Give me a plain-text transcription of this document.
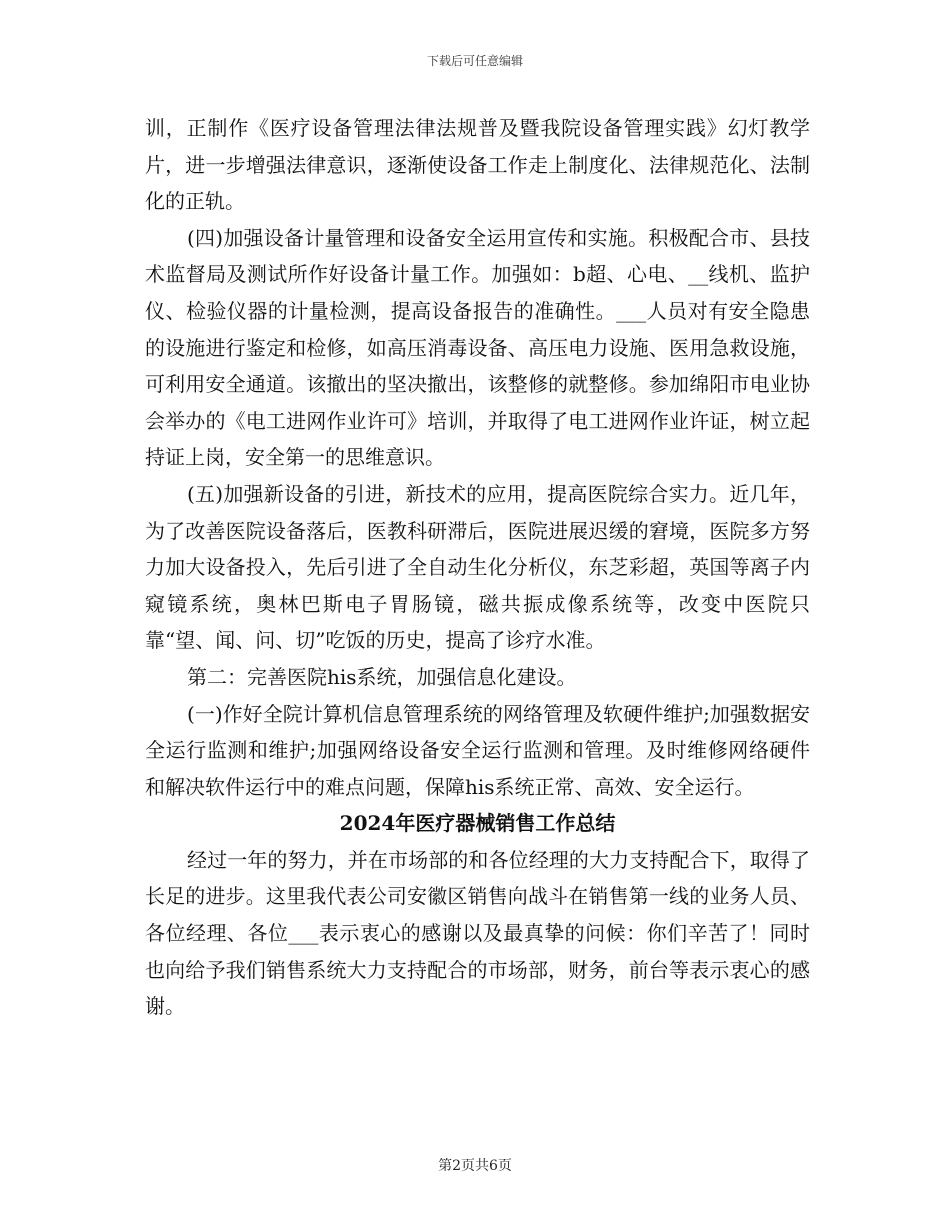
下载后可任意编辑

训，正制作《医疗设备管理法律法规普及暨我院设备管理实践》幻灯教学片，进一步增强法律意识，逐渐使设备工作走上制度化、法律规范化、法制化的正轨。

(四)加强设备计量管理和设备安全运用宣传和实施。积极配合市、县技术监督局及测试所作好设备计量工作。加强如：b超、心电、__线机、监护仪、检验仪器的计量检测，提高设备报告的准确性。___人员对有安全隐患的设施进行鉴定和检修，如高压消毒设备、高压电力设施、医用急救设施，可利用安全通道。该撤出的坚决撤出，该整修的就整修。参加绵阳市电业协会举办的《电工进网作业许可》培训，并取得了电工进网作业许证，树立起持证上岗，安全第一的思维意识。

(五)加强新设备的引进，新技术的应用，提高医院综合实力。近几年，为了改善医院设备落后，医教科研滞后，医院进展迟缓的窘境，医院多方努力加大设备投入，先后引进了全自动生化分析仪，东芝彩超，英国等离子内窥镜系统，奥林巴斯电子胃肠镜，磁共振成像系统等，改变中医院只靠“望、闻、问、切”吃饭的历史，提高了诊疗水准。

第二：完善医院his系统，加强信息化建设。

(一)作好全院计算机信息管理系统的网络管理及软硬件维护;加强数据安全运行监测和维护;加强网络设备安全运行监测和管理。及时维修网络硬件和解决软件运行中的难点问题，保障his系统正常、高效、安全运行。

2024年医疗器械销售工作总结

经过一年的努力，并在市场部的和各位经理的大力支持配合下，取得了长足的进步。这里我代表公司安徽区销售向战斗在销售第一线的业务人员、各位经理、各位___表示衷心的感谢以及最真挚的问候：你们辛苦了！同时也向给予我们销售系统大力支持配合的市场部，财务，前台等表示衷心的感谢。

第2页共6页
